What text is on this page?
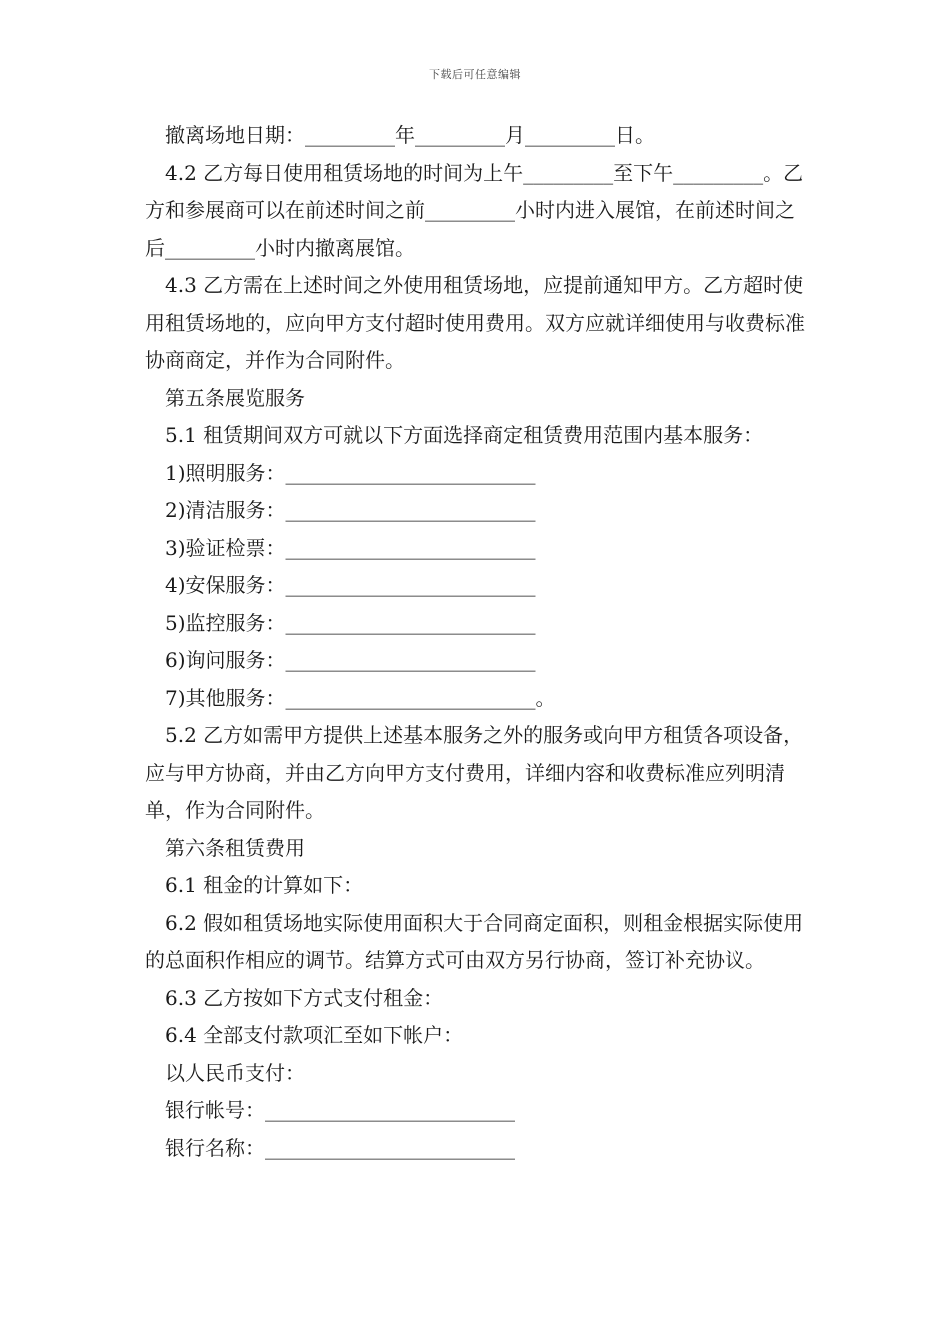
下载后可任意编辑

撤离场地日期：_________年_________月_________日。

4.2 乙方每日使用租赁场地的时间为上午_________至下午_________。乙方和参展商可以在前述时间之前_________小时内进入展馆，在前述时间之后_________小时内撤离展馆。

4.3 乙方需在上述时间之外使用租赁场地，应提前通知甲方。乙方超时使用租赁场地的，应向甲方支付超时使用费用。双方应就详细使用与收费标准协商商定，并作为合同附件。

第五条展览服务

5.1 租赁期间双方可就以下方面选择商定租赁费用范围内基本服务：

1)照明服务：_________________________

2)清洁服务：_________________________

3)验证检票：_________________________

4)安保服务：_________________________

5)监控服务：_________________________

6)询问服务：_________________________

7)其他服务：_________________________。

5.2 乙方如需甲方提供上述基本服务之外的服务或向甲方租赁各项设备，应与甲方协商，并由乙方向甲方支付费用，详细内容和收费标准应列明清单，作为合同附件。

第六条租赁费用

6.1 租金的计算如下：

6.2 假如租赁场地实际使用面积大于合同商定面积，则租金根据实际使用的总面积作相应的调节。结算方式可由双方另行协商，签订补充协议。

6.3 乙方按如下方式支付租金：

6.4 全部支付款项汇至如下帐户：

以人民币支付：

银行帐号：_________________________

银行名称：_________________________
